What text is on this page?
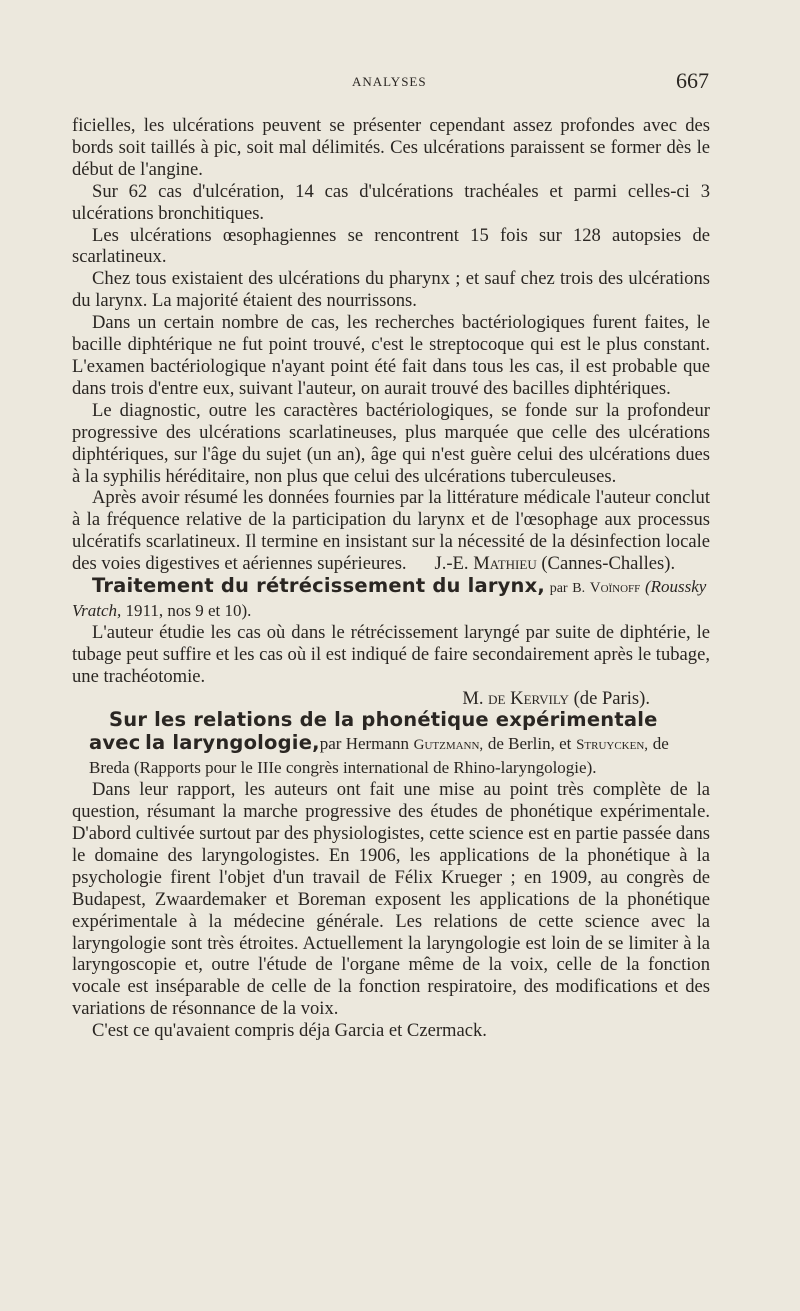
ANALYSES	667

ficielles, les ulcérations peuvent se présenter cependant assez profondes avec des bords soit taillés à pic, soit mal délimités. Ces ulcérations paraissent se former dès le début de l'angine.

Sur 62 cas d'ulcération, 14 cas d'ulcérations trachéales et parmi celles-ci 3 ulcérations bronchitiques.

Les ulcérations œsophagiennes se rencontrent 15 fois sur 128 autopsies de scarlatineux.

Chez tous existaient des ulcérations du pharynx ; et sauf chez trois des ulcérations du larynx. La majorité étaient des nourrissons.

Dans un certain nombre de cas, les recherches bactériologiques furent faites, le bacille diphtérique ne fut point trouvé, c'est le streptocoque qui est le plus constant. L'examen bactériologique n'ayant point été fait dans tous les cas, il est probable que dans trois d'entre eux, suivant l'auteur, on aurait trouvé des bacilles diphtériques.

Le diagnostic, outre les caractères bactériologiques, se fonde sur la profondeur progressive des ulcérations scarlatineuses, plus marquée que celle des ulcérations diphtériques, sur l'âge du sujet (un an), âge qui n'est guère celui des ulcérations dues à la syphilis héréditaire, non plus que celui des ulcérations tuberculeuses.

Après avoir résumé les données fournies par la littérature médicale l'auteur conclut à la fréquence relative de la participation du larynx et de l'œsophage aux processus ulcératifs scarlatineux. Il termine en insistant sur la nécessité de la désinfection locale des voies digestives et aériennes supérieures. J.-E. Mathieu (Cannes-Challes).

Traitement du rétrécissement du larynx, par B. Voïnoff (Roussky Vratch, 1911, nos 9 et 10).

L'auteur étudie les cas où dans le rétrécissement laryngé par suite de diphtérie, le tubage peut suffire et les cas où il est indiqué de faire secondairement après le tubage, une trachéotomie.

M. de Kervily (de Paris).

Sur les relations de la phonétique expérimentale avec la laryngologie,par Hermann Gutzmann, de Berlin, et Struycken, de Breda (Rapports pour le IIIe congrès international de Rhino-laryngologie).

Dans leur rapport, les auteurs ont fait une mise au point très complète de la question, résumant la marche progressive des études de phonétique expérimentale. D'abord cultivée surtout par des physiologistes, cette science est en partie passée dans le domaine des laryngologistes. En 1906, les applications de la phonétique à la psychologie firent l'objet d'un travail de Félix Krueger ; en 1909, au congrès de Budapest, Zwaardemaker et Boreman exposent les applications de la phonétique expérimentale à la médecine générale. Les relations de cette science avec la laryngologie sont très étroites. Actuellement la laryngologie est loin de se limiter à la laryngoscopie et, outre l'étude de l'organe même de la voix, celle de la fonction vocale est inséparable de celle de la fonction respiratoire, des modifications et des variations de résonnance de la voix.

C'est ce qu'avaient compris déja Garcia et Czermack.
